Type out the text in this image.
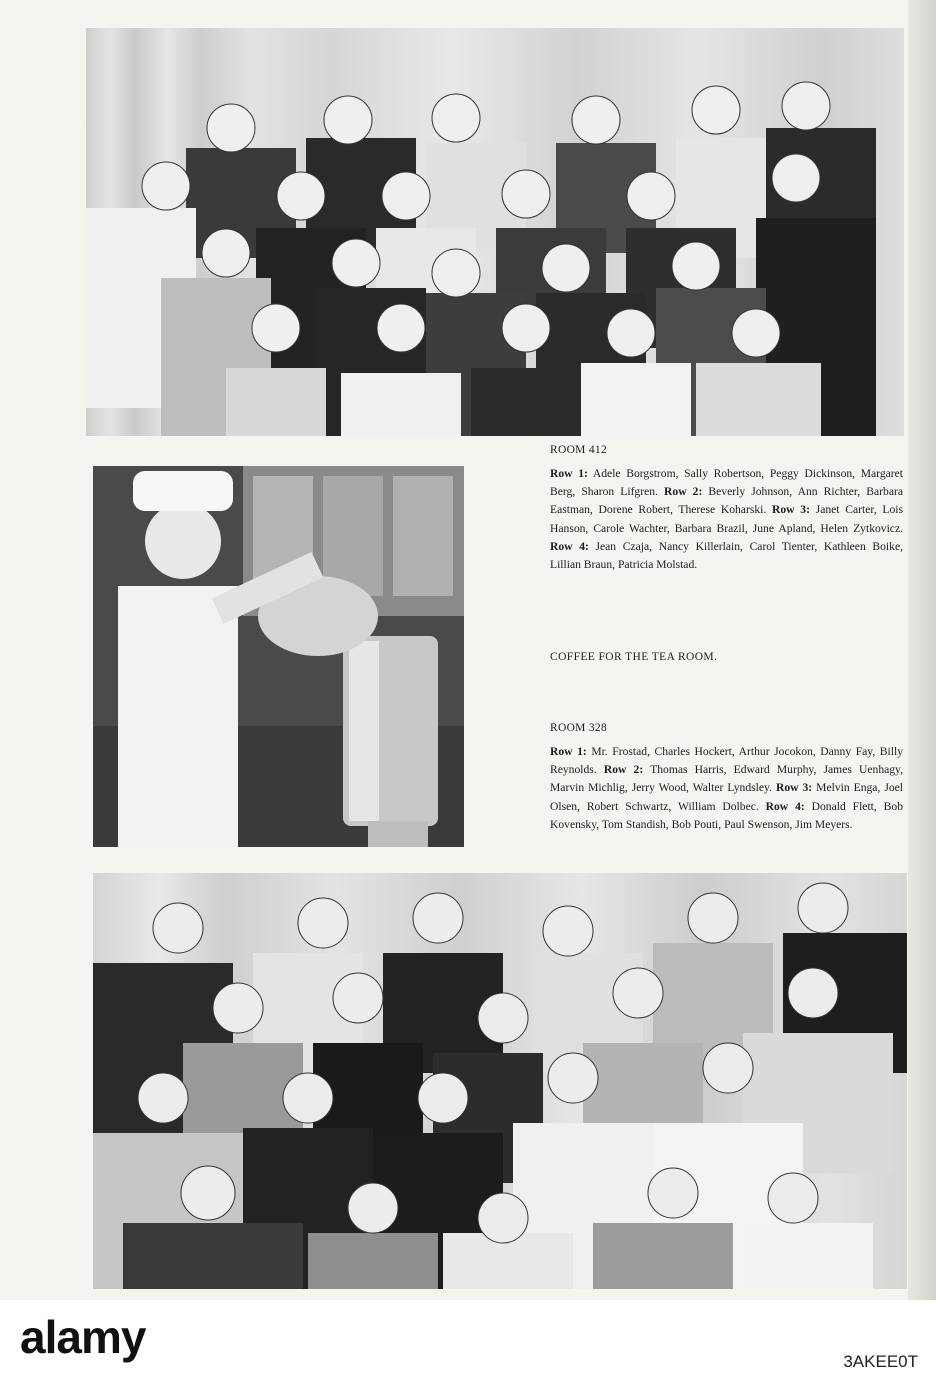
ROOM 412

Row 1: Adele Borgstrom, Sally Robertson, Peggy Dickinson, Margaret Berg, Sharon Lifgren. Row 2: Beverly Johnson, Ann Richter, Barbara Eastman, Dorene Robert, Therese Koharski. Row 3: Janet Carter, Lois Hanson, Carole Wachter, Barbara Brazil, June Apland, Helen Zytkovicz. Row 4: Jean Czaja, Nancy Killerlain, Carol Tienter, Kathleen Boike, Lillian Braun, Patricia Molstad.

COFFEE FOR THE TEA ROOM.

ROOM 328

Row 1: Mr. Frostad, Charles Hockert, Arthur Jocokon, Danny Fay, Billy Reynolds. Row 2: Thomas Harris, Edward Murphy, James Uenhagy, Marvin Michlig, Jerry Wood, Walter Lyndsley. Row 3: Melvin Enga, Joel Olsen, Robert Schwartz, William Dolbec. Row 4: Donald Flett, Bob Kovensky, Tom Standish, Bob Pouti, Paul Swenson, Jim Meyers.

alamy	3AKEE0T
